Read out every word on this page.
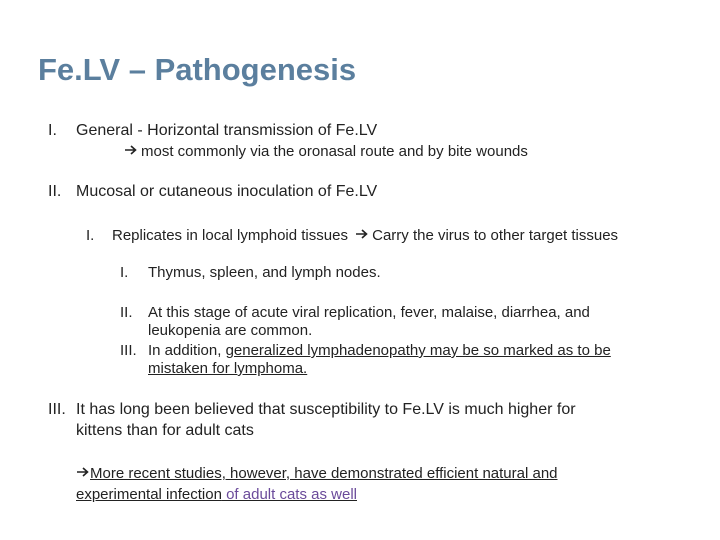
Fe.LV – Pathogenesis
I. General - Horizontal transmission of Fe.LV
most commonly via the oronasal route and by bite wounds
II. Mucosal or cutaneous inoculation of Fe.LV
I. Replicates in local lymphoid tissues Carry the virus to other target tissues
I. Thymus, spleen, and lymph nodes.
II. At this stage of acute viral replication, fever, malaise, diarrhea, and
leukopenia are common.
III. In addition, generalized lymphadenopathy may be so marked as to be
mistaken for lymphoma.
III. It has long been believed that susceptibility to Fe.LV is much higher for
kittens than for adult cats
More recent studies, however, have demonstrated efficient natural and
experimental infection of adult cats as well
